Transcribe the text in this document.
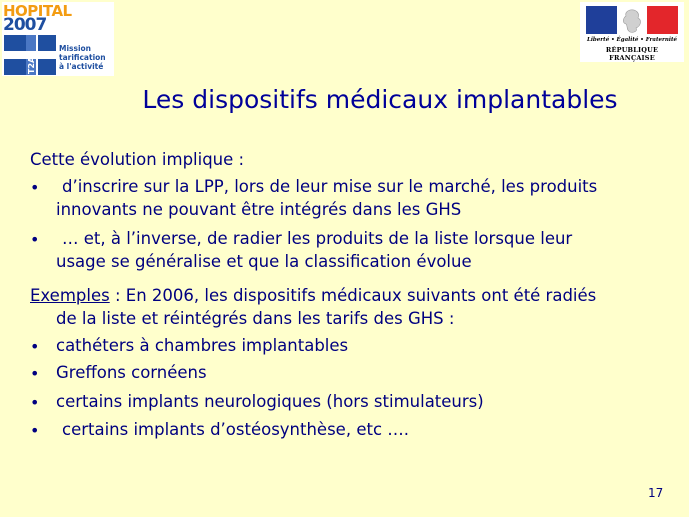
HOPITAL
2007
T2A
Mission
tarification
à l'activité
Liberté • Égalité • Fraternité
RÉPUBLIQUE FRANÇAISE
Les dispositifs médicaux implantables
Cette évolution implique :
• d’inscrire sur la LPP, lors de leur mise sur le marché, les produits
innovants ne pouvant être intégrés dans les GHS
• … et, à l’inverse, de radier les produits de la liste lorsque leur
usage se généralise et que la classification évolue
Exemples : En 2006, les dispositifs médicaux suivants ont été radiés
de la liste et réintégrés dans les tarifs des GHS :
• cathéters à chambres implantables
• Greffons cornéens
• certains implants neurologiques (hors stimulateurs)
• certains implants d’ostéosynthèse, etc ….
17
